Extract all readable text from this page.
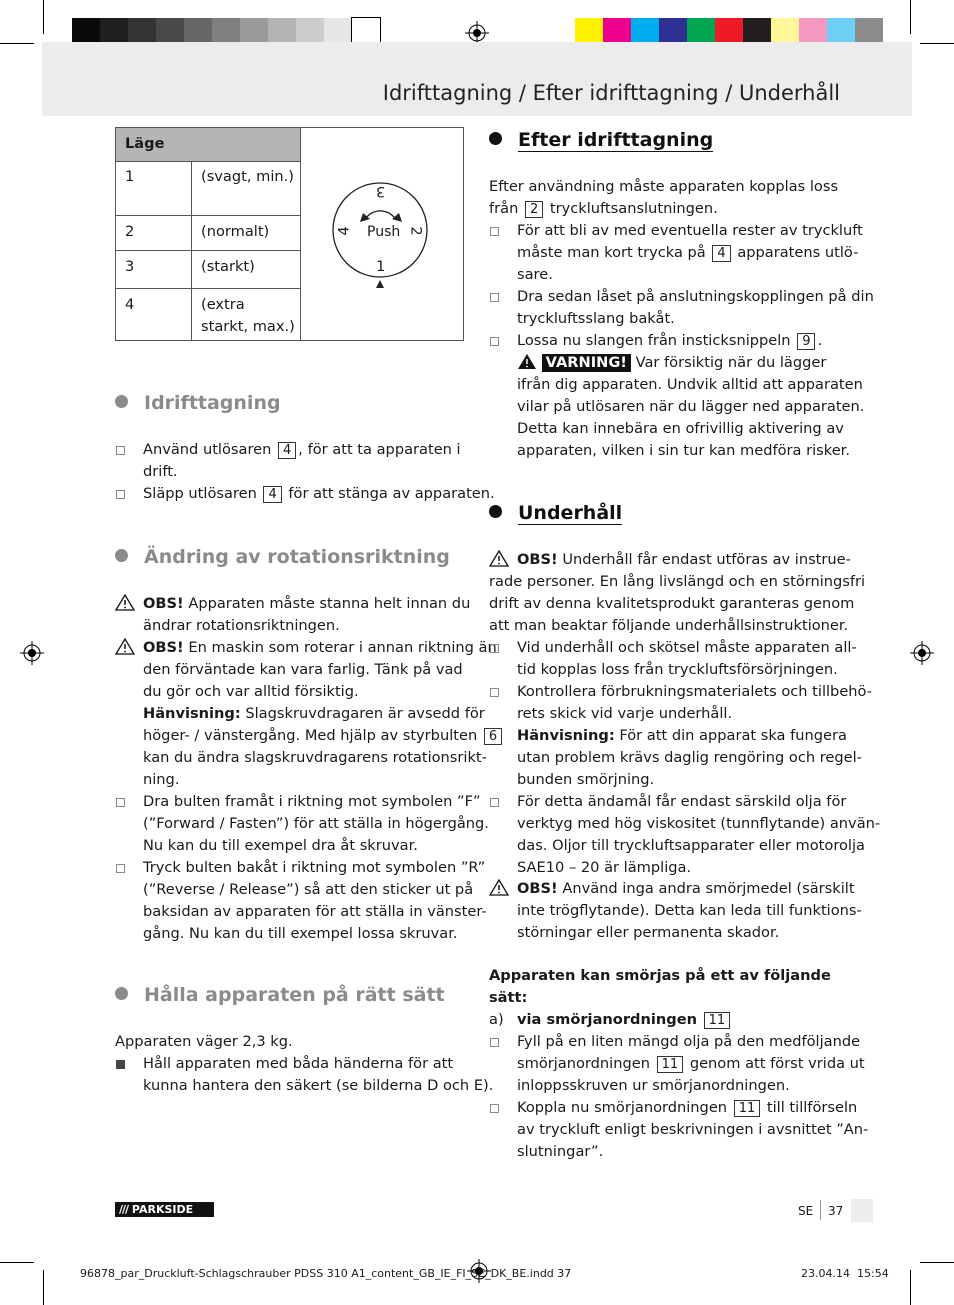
Idrifttagning / Efter idrifttagning / Underhåll
Läge
1	(svagt, min.)
2	(normalt)
3	(starkt)
4	(extra starkt, max.)
Push
1
2
3
4
Idrifttagning
Använd utlösaren 4 , för att ta apparaten i
drift.
Släpp utlösaren 4 för att stänga av apparaten.
Ändring av rotationsriktning
OBS! Apparaten måste stanna helt innan du
ändrar rotationsriktningen.
OBS! En maskin som roterar i annan riktning än
den förväntade kan vara farlig. Tänk på vad
du gör och var alltid försiktig.
Hänvisning: Slagskruvdragaren är avsedd för
höger- / vänstergång. Med hjälp av styrbulten 6
kan du ändra slagskruvdragarens rotationsrikt-
ning.
Dra bulten framåt i riktning mot symbolen ”F”
(”Forward / Fasten”) för att ställa in högergång.
Nu kan du till exempel dra åt skruvar.
Tryck bulten bakåt i riktning mot symbolen ”R”
(”Reverse / Release”) så att den sticker ut på
baksidan av apparaten för att ställa in vänster-
gång. Nu kan du till exempel lossa skruvar.
Hålla apparaten på rätt sätt
Apparaten väger 2,3 kg.
Håll apparaten med båda händerna för att
kunna hantera den säkert (se bilderna D och E).
Efter idrifttagning
Efter användning måste apparaten kopplas loss
från 2 tryckluftsanslutningen.
För att bli av med eventuella rester av tryckluft
måste man kort trycka på 4 apparatens utlö-
sare.
Dra sedan låset på anslutningskopplingen på din
tryckluftsslang bakåt.
Lossa nu slangen från insticksnippeln 9 .
VARNING! Var försiktig när du lägger
ifrån dig apparaten. Undvik alltid att apparaten
vilar på utlösaren när du lägger ned apparaten.
Detta kan innebära en ofrivillig aktivering av
apparaten, vilken i sin tur kan medföra risker.
Underhåll
OBS! Underhåll får endast utföras av instrue-
rade personer. En lång livslängd och en störningsfri
drift av denna kvalitetsprodukt garanteras genom
att man beaktar följande underhållsinstruktioner.
Vid underhåll och skötsel måste apparaten all-
tid kopplas loss från tryckluftsförsörjningen.
Kontrollera förbrukningsmaterialets och tillbehö-
rets skick vid varje underhåll.
Hänvisning: För att din apparat ska fungera
utan problem krävs daglig rengöring och regel-
bunden smörjning.
För detta ändamål får endast särskild olja för
verktyg med hög viskositet (tunnflytande) använ-
das. Oljor till tryckluftsapparater eller motorolja
SAE10 – 20 är lämpliga.
OBS! Använd inga andra smörjmedel (särskilt
inte trögflytande). Detta kan leda till funktions-
störningar eller permanenta skador.
Apparaten kan smörjas på ett av följande
sätt:
a) via smörjanordningen 11
Fyll på en liten mängd olja på den medföljande
smörjanordningen 11 genom att först vrida ut
inloppsskruven ur smörjanordningen.
Koppla nu smörjanordningen 11 till tillförseln
av tryckluft enligt beskrivningen i avsnittet ”An-
slutningar”.
/// PARKSIDE	SE 37
96878_par_Druckluft-Schlagschrauber PDSS 310 A1_content_GB_IE_FI_SE_DK_BE.indd 37	23.04.14 15:54
